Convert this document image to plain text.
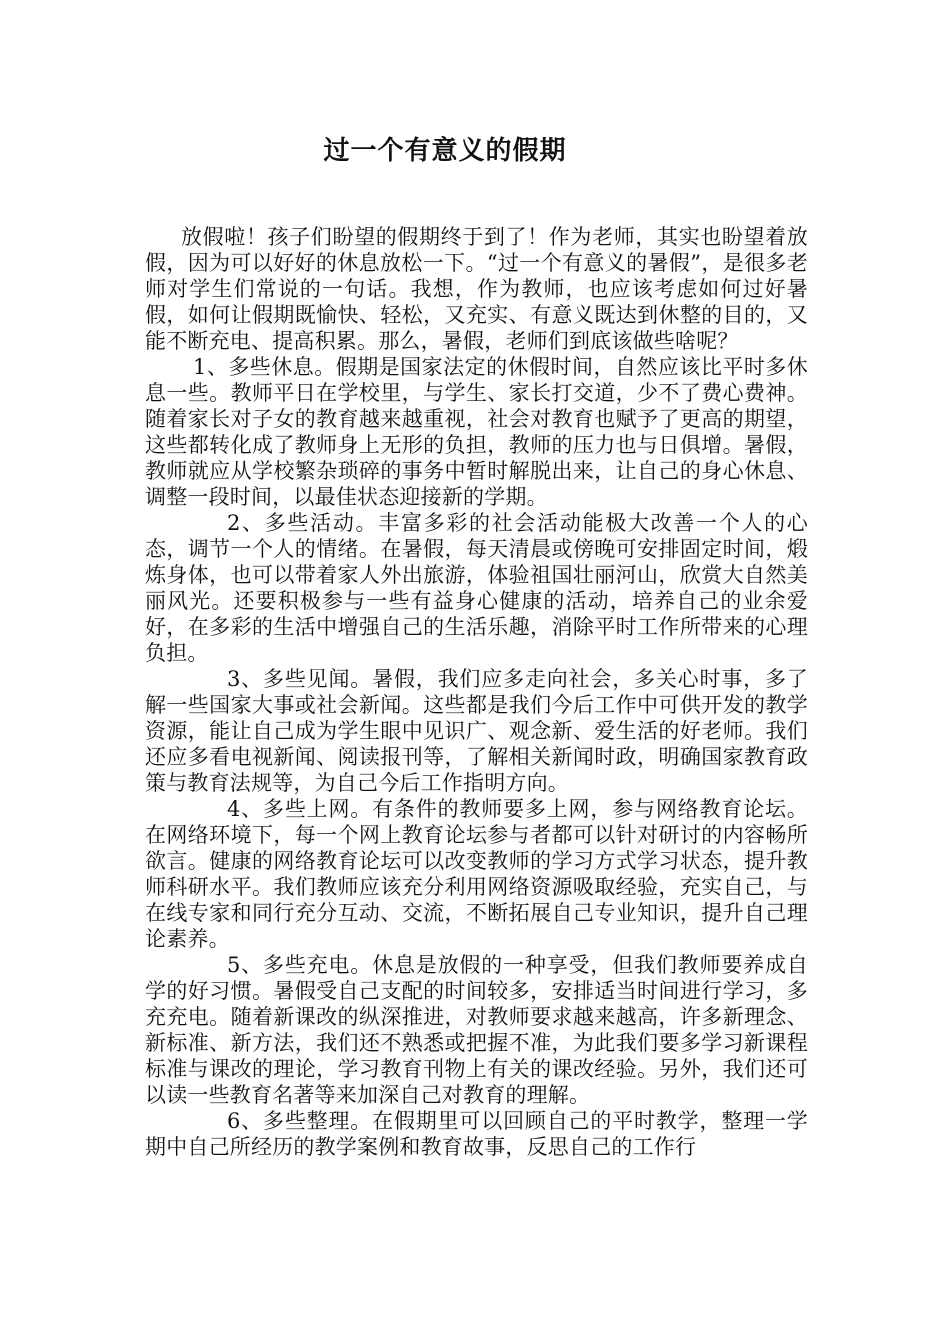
过一个有意义的假期

放假啦！孩子们盼望的假期终于到了！作为老师，其实也盼望着放假，因为可以好好的休息放松一下。“过一个有意义的暑假”，是很多老师对学生们常说的一句话。我想，作为教师，也应该考虑如何过好暑假，如何让假期既愉快、轻松，又充实、有意义既达到休整的目的，又能不断充电、提高积累。那么，暑假，老师们到底该做些啥呢？

1、多些休息。假期是国家法定的休假时间，自然应该比平时多休息一些。教师平日在学校里，与学生、家长打交道，少不了费心费神。随着家长对子女的教育越来越重视，社会对教育也赋予了更高的期望，这些都转化成了教师身上无形的负担，教师的压力也与日俱增。暑假，教师就应从学校繁杂琐碎的事务中暂时解脱出来，让自己的身心休息、调整一段时间，以最佳状态迎接新的学期。

2、多些活动。丰富多彩的社会活动能极大改善一个人的心态，调节一个人的情绪。在暑假，每天清晨或傍晚可安排固定时间，煅炼身体，也可以带着家人外出旅游，体验祖国壮丽河山，欣赏大自然美丽风光。还要积极参与一些有益身心健康的活动，培养自己的业余爱好，在多彩的生活中增强自己的生活乐趣，消除平时工作所带来的心理负担。

3、多些见闻。暑假，我们应多走向社会，多关心时事，多了解一些国家大事或社会新闻。这些都是我们今后工作中可供开发的教学资源，能让自己成为学生眼中见识广、观念新、爱生活的好老师。我们还应多看电视新闻、阅读报刊等，了解相关新闻时政，明确国家教育政策与教育法规等，为自己今后工作指明方向。

4、多些上网。有条件的教师要多上网，参与网络教育论坛。在网络环境下，每一个网上教育论坛参与者都可以针对研讨的内容畅所欲言。健康的网络教育论坛可以改变教师的学习方式学习状态，提升教师科研水平。我们教师应该充分利用网络资源吸取经验，充实自己，与在线专家和同行充分互动、交流，不断拓展自己专业知识，提升自己理论素养。

5、多些充电。休息是放假的一种享受，但我们教师要养成自学的好习惯。暑假受自己支配的时间较多，安排适当时间进行学习，多充充电。随着新课改的纵深推进，对教师要求越来越高，许多新理念、新标准、新方法，我们还不熟悉或把握不准，为此我们要多学习新课程标准与课改的理论，学习教育刊物上有关的课改经验。另外，我们还可以读一些教育名著等来加深自己对教育的理解。

6、多些整理。在假期里可以回顾自己的平时教学，整理一学期中自己所经历的教学案例和教育故事，反思自己的工作行
